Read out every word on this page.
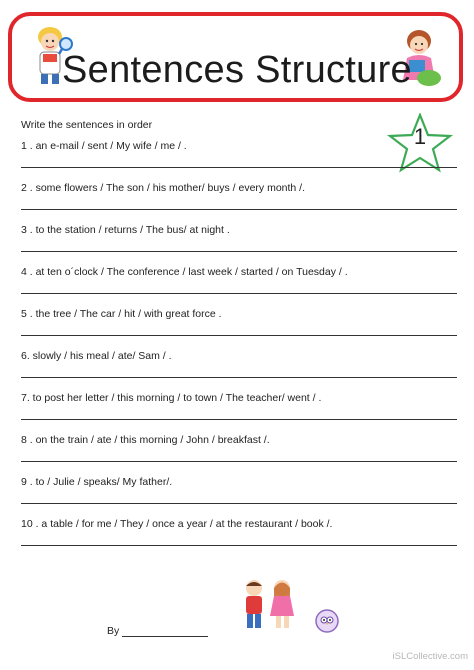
Sentences Structure
Write the sentences in order	1
1 . an e-mail / sent / My wife / me / .
2 . some flowers / The son / his mother/ buys / every month /.
3 . to the station / returns / The bus/ at night .
4 . at ten o´clock / The conference / last week / started / on Tuesday / .
5 . the tree / The car / hit / with great force .
6. slowly / his meal / ate/ Sam / .
7. to post her letter / this morning / to town / The teacher/ went / .
8 . on the train / ate / this morning / John / breakfast /.
9 . to / Julie / speaks/ My father/.
10 . a table / for me / They / once a year / at the restaurant / book /.
By
iSLCollective.com
